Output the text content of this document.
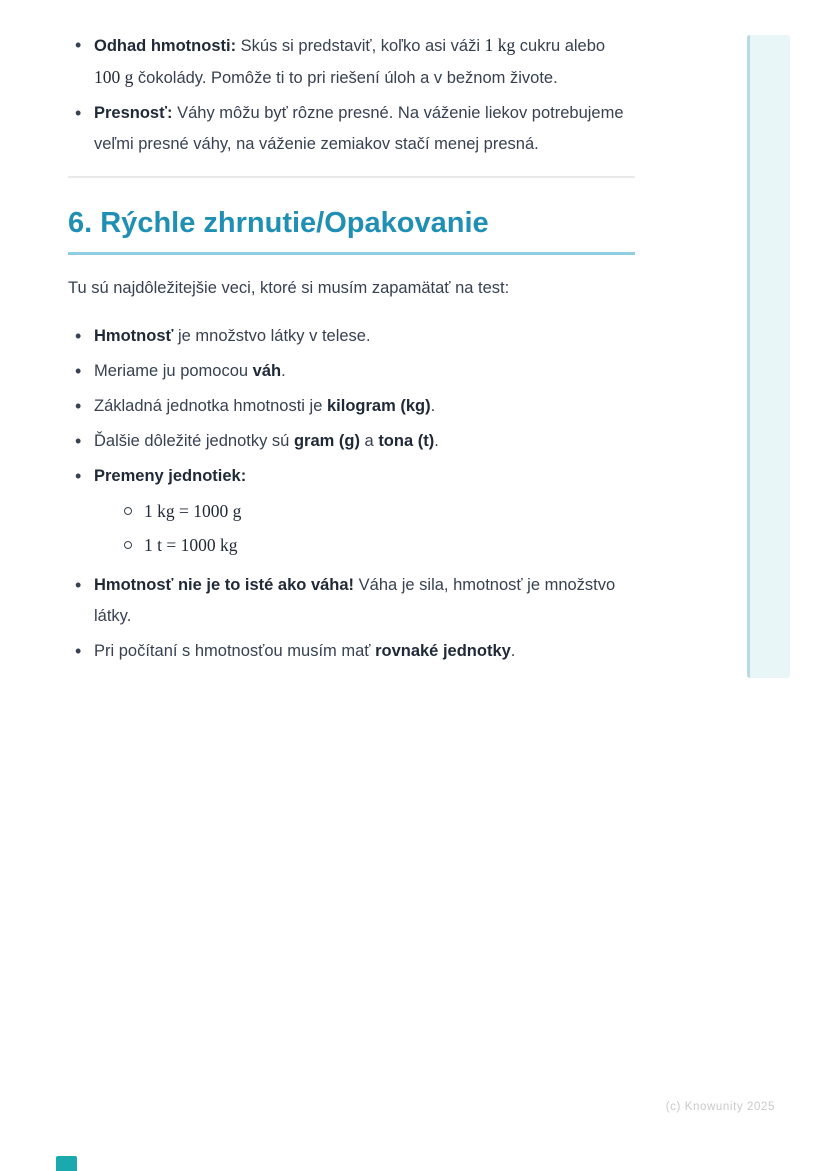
• Odhad hmotnosti: Skús si predstaviť, koľko asi váži 1 kg cukru alebo 100 g čokolády. Pomôže ti to pri riešení úloh a v bežnom živote.
• Presnosť: Váhy môžu byť rôzne presné. Na váženie liekov potrebujeme veľmi presné váhy, na váženie zemiakov stačí menej presná.
6. Rýchle zhrnutie/Opakovanie

Tu sú najdôležitejšie veci, ktoré si musím zapamätať na test:

• Hmotnosť je množstvo látky v telese.
• Meriame ju pomocou váh.
• Základná jednotka hmotnosti je kilogram (kg).
• Ďalšie dôležité jednotky sú gram (g) a tona (t).
• Premeny jednotiek:
1 kg = 1000 g
1 t = 1000 kg
• Hmotnosť nie je to isté ako váha! Váha je sila, hmotnosť je množstvo látky.
• Pri počítaní s hmotnosťou musím mať rovnaké jednotky.
(c) Knowunity 2025
